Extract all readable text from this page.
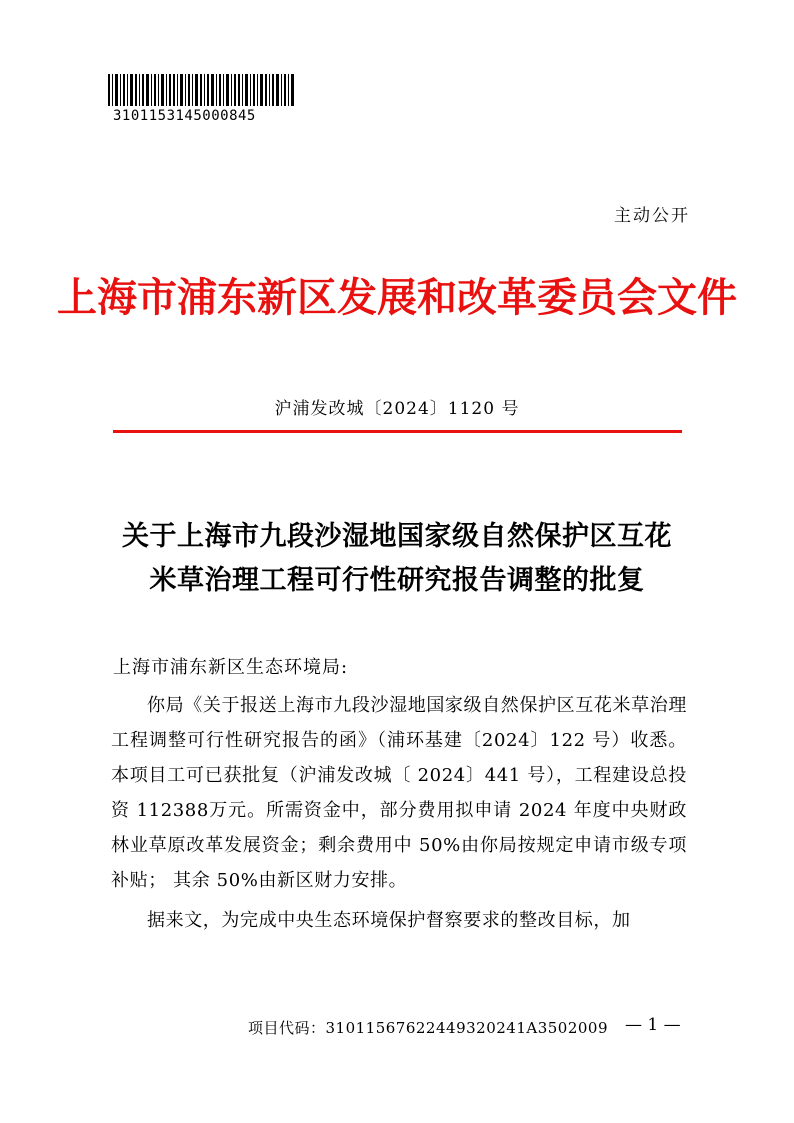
3101153145000845
主动公开
上海市浦东新区发展和改革委员会文件
沪浦发改城〔2024〕1120 号
关于上海市九段沙湿地国家级自然保护区互花
米草治理工程可行性研究报告调整的批复
上海市浦东新区生态环境局:

你局《关于报送上海市九段沙湿地国家级自然保护区互花米草治理工程调整可行性研究报告的函》（浦环基建〔2024〕122 号）收悉。本项目工可已获批复（沪浦发改城〔 2024〕441 号），工程建设总投资 112388万元。所需资金中，部分费用拟申请 2024 年度中央财政林业草原改革发展资金；剩余费用中 50%由你局按规定申请市级专项补贴； 其余 50%由新区财力安排。

据来文，为完成中央生态环境保护督察要求的整改目标，加

项目代码：31011567622449320241A3502009 — 1 —
